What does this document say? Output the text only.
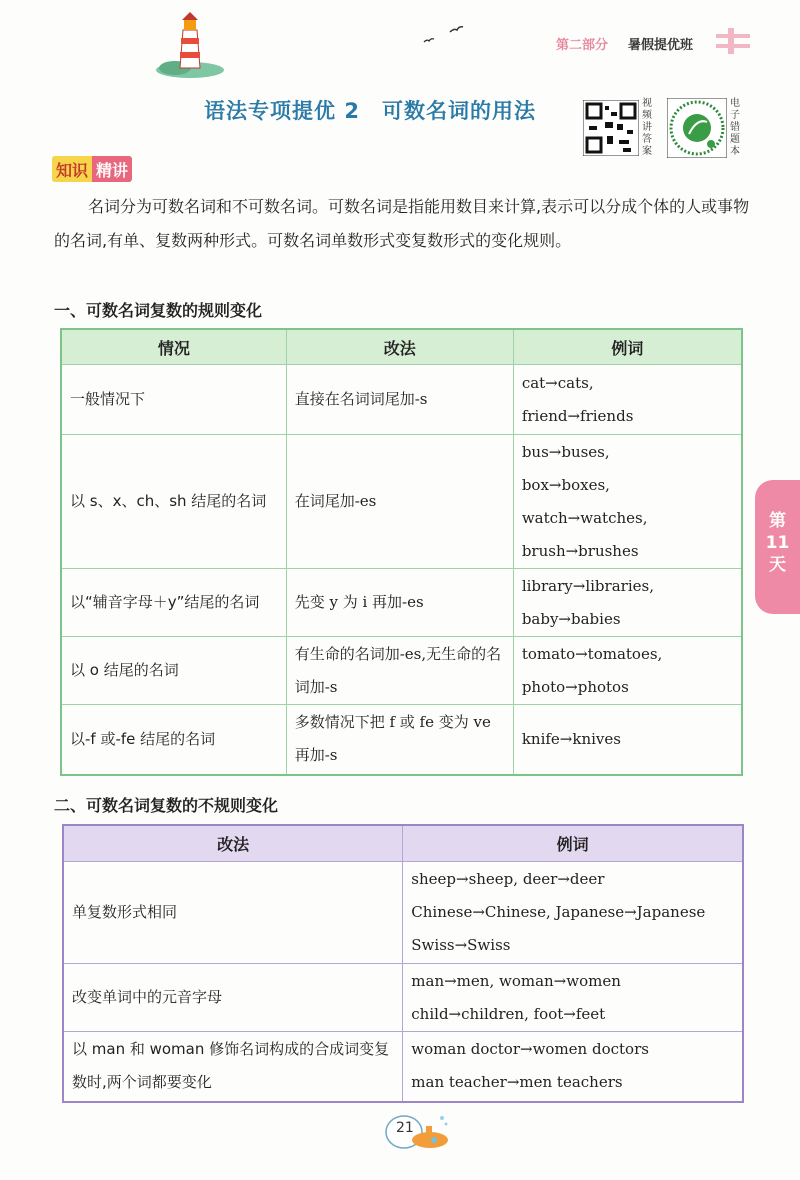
第二部分 暑假提优班
语法专项提优 2　可数名词的用法	视频讲答案
电子错题本
知识 精讲
名词分为可数名词和不可数名词。可数名词是指能用数目来计算,表示可以分成个体的人或事物的名词,有单、复数两种形式。可数名词单数形式变复数形式的变化规则。
一、可数名词复数的规则变化
情况	改法	例词
一般情况下	直接在名词词尾加-s	cat→cats,
friend→friends

以 s、x、ch、sh 结尾的名词	在词尾加-es	bus→buses,
box→boxes,
watch→watches,
brush→brushes

以“辅音字母＋y”结尾的名词	先变 y 为 i 再加-es	library→libraries,
baby→babies

以 o 结尾的名词	有生命的名词加-es,无生命的名词加-s	tomato→tomatoes,
photo→photos

以-f 或-fe 结尾的名词	多数情况下把 f 或 fe 变为 ve 再加-s	knife→knives
二、可数名词复数的不规则变化
改法	例词
单复数形式相同	sheep→sheep, deer→deer
Chinese→Chinese, Japanese→Japanese
Swiss→Swiss

改变单词中的元音字母	man→men, woman→women
child→children, foot→feet

以 man 和 woman 修饰名词构成的合成词变复数时,两个词都要变化	woman doctor→women doctors
man teacher→men teachers
第
11
天
21
